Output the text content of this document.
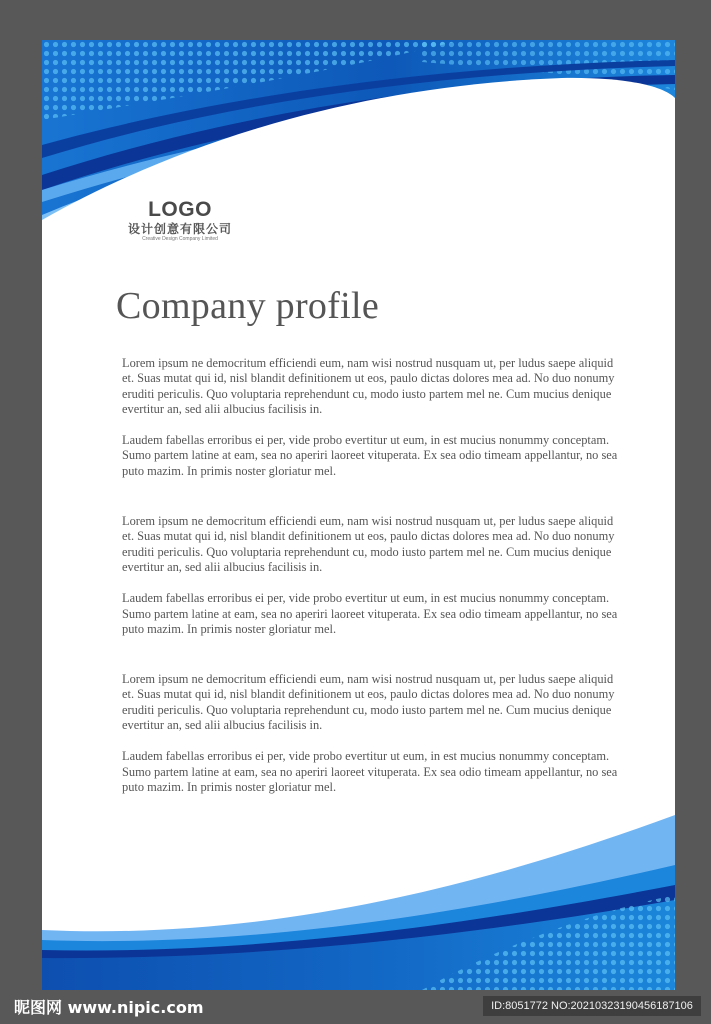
LOGO
设计创意有限公司
Creative Design Company Limited
Company profile

Lorem ipsum ne democritum efficiendi eum, nam wisi nostrud nusquam ut, per ludus saepe aliquid et. Suas mutat qui id, nisl blandit definitionem ut eos, paulo dictas dolores mea ad. No duo nonumy eruditi periculis. Quo voluptaria reprehendunt cu, modo iusto partem mel ne. Cum mucius denique evertitur an, sed alii albucius facilisis in.

Laudem fabellas erroribus ei per, vide probo evertitur ut eum, in est mucius nonummy conceptam. Sumo partem latine at eam, sea no aperiri laoreet vituperata. Ex sea odio timeam appellantur, no sea puto mazim. In primis noster gloriatur mel.

Lorem ipsum ne democritum efficiendi eum, nam wisi nostrud nusquam ut, per ludus saepe aliquid et. Suas mutat qui id, nisl blandit definitionem ut eos, paulo dictas dolores mea ad. No duo nonumy eruditi periculis. Quo voluptaria reprehendunt cu, modo iusto partem mel ne. Cum mucius denique evertitur an, sed alii albucius facilisis in.

Laudem fabellas erroribus ei per, vide probo evertitur ut eum, in est mucius nonummy conceptam. Sumo partem latine at eam, sea no aperiri laoreet vituperata. Ex sea odio timeam appellantur, no sea puto mazim. In primis noster gloriatur mel.

Lorem ipsum ne democritum efficiendi eum, nam wisi nostrud nusquam ut, per ludus saepe aliquid et. Suas mutat qui id, nisl blandit definitionem ut eos, paulo dictas dolores mea ad. No duo nonumy eruditi periculis. Quo voluptaria reprehendunt cu, modo iusto partem mel ne. Cum mucius denique evertitur an, sed alii albucius facilisis in.

Laudem fabellas erroribus ei per, vide probo evertitur ut eum, in est mucius nonummy conceptam. Sumo partem latine at eam, sea no aperiri laoreet vituperata. Ex sea odio timeam appellantur, no sea puto mazim. In primis noster gloriatur mel.

昵图网 www.nipic.com	ID:8051772 NO:20210323190456187106
